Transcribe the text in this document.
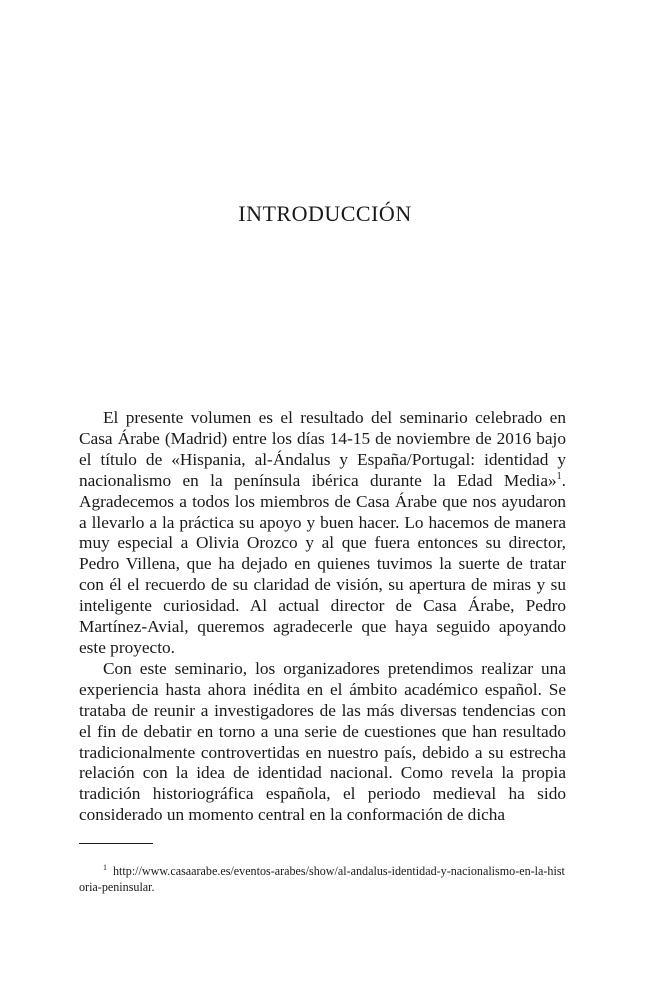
INTRODUCCIÓN

El presente volumen es el resultado del seminario celebrado en Casa Árabe (Madrid) entre los días 14-15 de noviembre de 2016 bajo el título de «Hispania, al-Ándalus y España/Portugal: identidad y nacionalismo en la península ibérica durante la Edad Media»$^1$. Agradecemos a todos los miembros de Casa Árabe que nos ayudaron a llevarlo a la práctica su apoyo y buen hacer. Lo hacemos de manera muy especial a Olivia Orozco y al que fuera entonces su director, Pedro Villena, que ha dejado en quienes tuvimos la suerte de tratar con él el recuerdo de su claridad de visión, su apertura de miras y su inteligente curiosidad. Al actual director de Casa Árabe, Pedro Martínez-Avial, queremos agradecerle que haya seguido apoyando este proyecto.

Con este seminario, los organizadores pretendimos realizar una experiencia hasta ahora inédita en el ámbito académico español. Se trataba de reunir a investigadores de las más diversas tendencias con el fin de debatir en torno a una serie de cuestiones que han resultado tradicionalmente controvertidas en nuestro país, debido a su estrecha relación con la idea de identidad nacional. Como revela la propia tradición historiográfica española, el periodo medieval ha sido considerado un momento central en la conformación de dicha

$^1$ http://www.casaarabe.es/eventos-arabes/show/al-andalus-identidad-y-nacionalismo-en-la-historia-peninsular.
